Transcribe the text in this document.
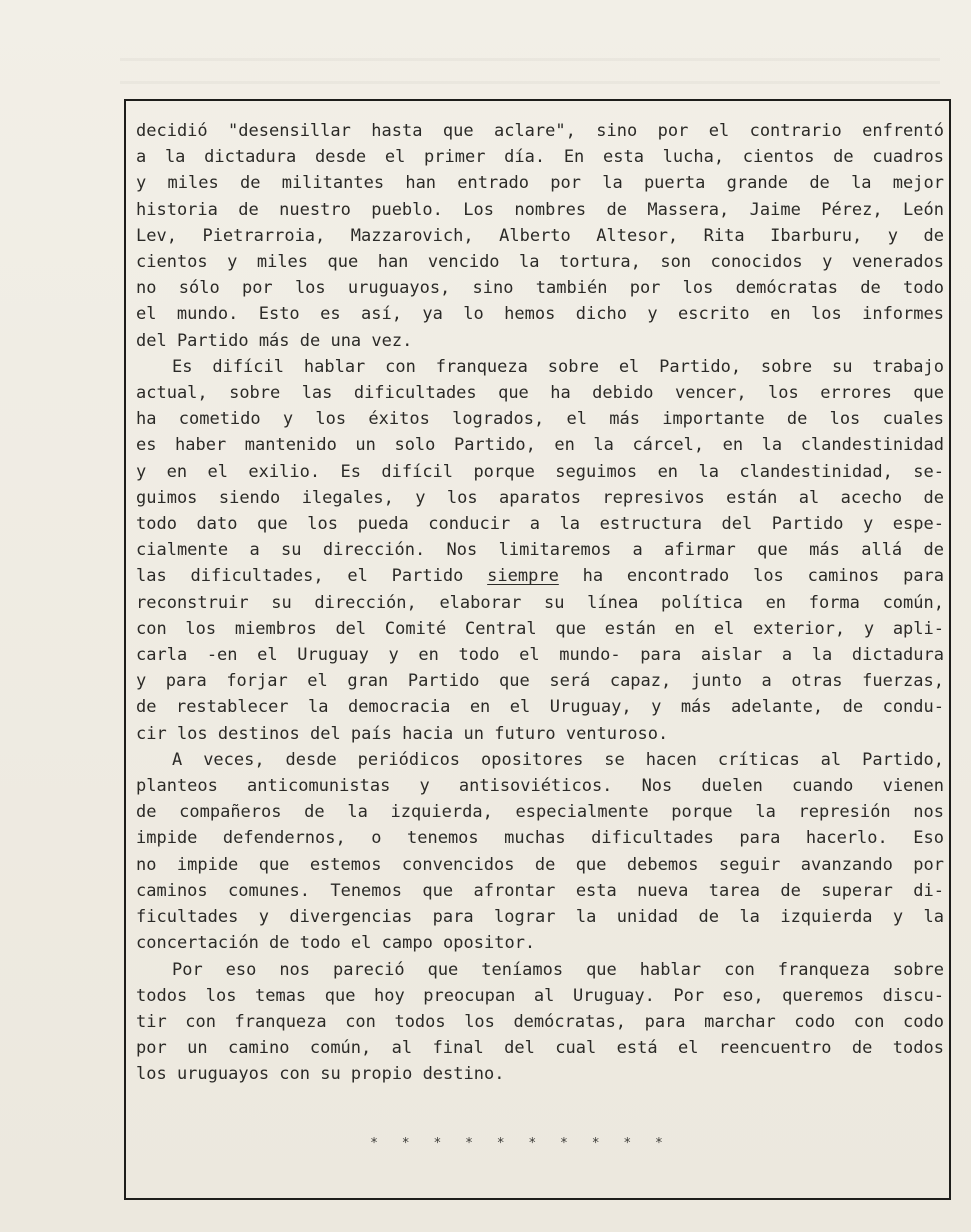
decidió "desensillar hasta que aclare", sino por el contrario enfrentó
a la dictadura desde el primer día. En esta lucha, cientos de cuadros
y miles de militantes han entrado por la puerta grande de la mejor
historia de nuestro pueblo. Los nombres de Massera, Jaime Pérez, León
Lev, Pietrarroia, Mazzarovich, Alberto Altesor, Rita Ibarburu, y de
cientos y miles que han vencido la tortura, son conocidos y venerados
no sólo por los uruguayos, sino también por los demócratas de todo
el mundo. Esto es así, ya lo hemos dicho y escrito en los informes
del Partido más de una vez.

Es difícil hablar con franqueza sobre el Partido, sobre su trabajo
actual, sobre las dificultades que ha debido vencer, los errores que
ha cometido y los éxitos logrados, el más importante de los cuales
es haber mantenido un solo Partido, en la cárcel, en la clandestinidad
y en el exilio. Es difícil porque seguimos en la clandestinidad, se-
guimos siendo ilegales, y los aparatos represivos están al acecho de
todo dato que los pueda conducir a la estructura del Partido y espe-
cialmente a su dirección. Nos limitaremos a afirmar que más allá de
las dificultades, el Partido siempre ha encontrado los caminos para
reconstruir su dirección, elaborar su línea política en forma común,
con los miembros del Comité Central que están en el exterior, y apli-
carla -en el Uruguay y en todo el mundo- para aislar a la dictadura
y para forjar el gran Partido que será capaz, junto a otras fuerzas,
de restablecer la democracia en el Uruguay, y más adelante, de condu-
cir los destinos del país hacia un futuro venturoso.

A veces, desde periódicos opositores se hacen críticas al Partido,
planteos anticomunistas y antisoviéticos. Nos duelen cuando vienen
de compañeros de la izquierda, especialmente porque la represión nos
impide defendernos, o tenemos muchas dificultades para hacerlo. Eso
no impide que estemos convencidos de que debemos seguir avanzando por
caminos comunes. Tenemos que afrontar esta nueva tarea de superar di-
ficultades y divergencias para lograr la unidad de la izquierda y la
concertación de todo el campo opositor.

Por eso nos pareció que teníamos que hablar con franqueza sobre
todos los temas que hoy preocupan al Uruguay. Por eso, queremos discu-
tir con franqueza con todos los demócratas, para marchar codo con codo
por un camino común, al final del cual está el reencuentro de todos
los uruguayos con su propio destino.

* * * * * * * * * *
